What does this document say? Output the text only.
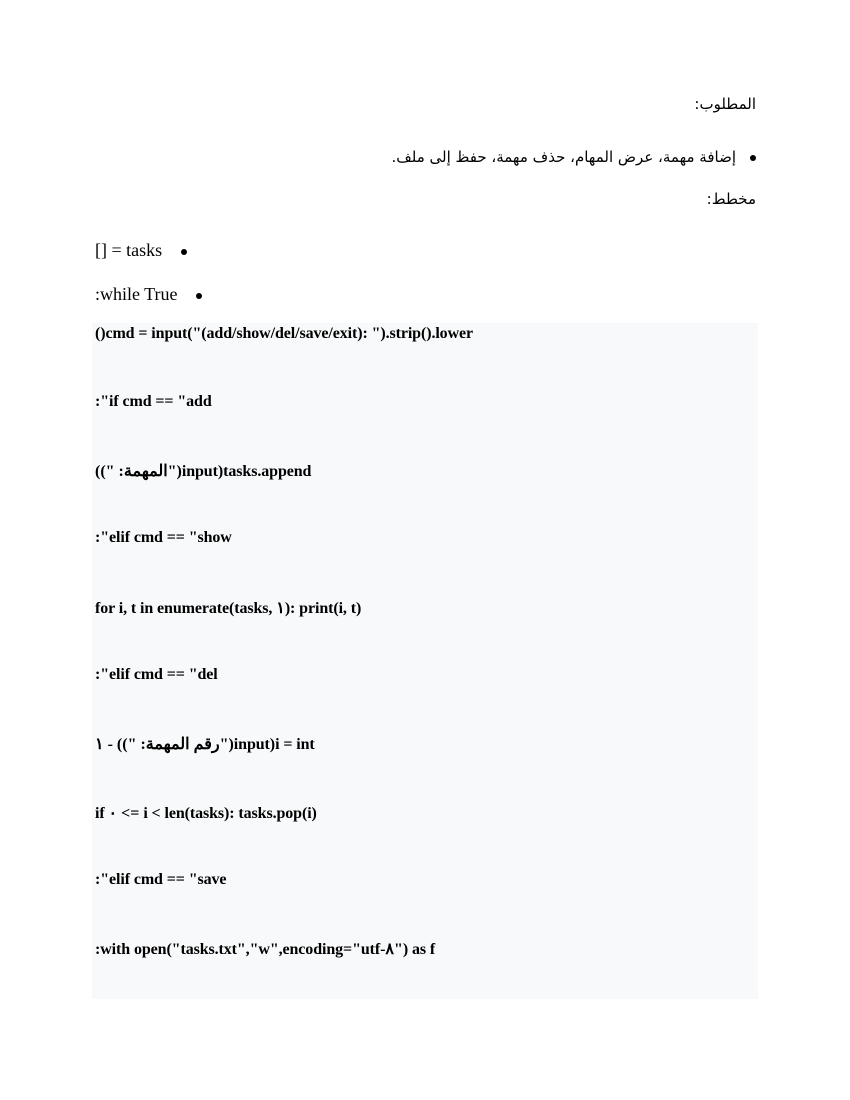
المطلوب:
إضافة مهمة، عرض المهام، حذف مهمة، حفظ إلى ملف.
مخطط:
[] = tasks
:while True
()cmd = input("(add/show/del/save/exit): ").strip().lower
:"if cmd == "add
((" :المهمة")input)tasks.append
:"elif cmd == "show
for i, t in enumerate(tasks, ١): print(i, t)
:"elif cmd == "del
١ - ((" :رقم المهمة")input)i = int
if ٠ <= i < len(tasks): tasks.pop(i)
:"elif cmd == "save
:with open("tasks.txt","w",encoding="utf-٨") as f
